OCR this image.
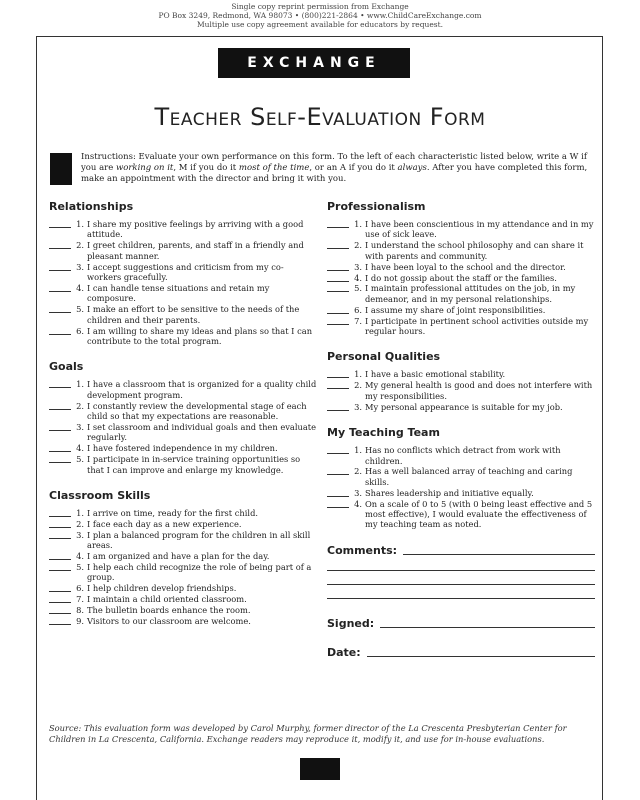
Single copy reprint permission from Exchange
PO Box 3249, Redmond, WA 98073 • (800)221-2864 • www.ChildCareExchange.com
Multiple use copy agreement available for educators by request.
EXCHANGE
Teacher Self-Evaluation Form
Instructions: Evaluate your own performance on this form. To the left of each characteristic listed below, write a W if you are working on it, M if you do it most of the time, or an A if you do it always. After you have completed this form, make an appointment with the director and bring it with you.
Relationships
1. I share my positive feelings by arriving with a good attitude.
2. I greet children, parents, and staff in a friendly and pleasant manner.
3. I accept suggestions and criticism from my co-workers gracefully.
4. I can handle tense situations and retain my composure.
5. I make an effort to be sensitive to the needs of the children and their parents.
6. I am willing to share my ideas and plans so that I can contribute to the total program.
Goals
1. I have a classroom that is organized for a quality child development program.
2. I constantly review the developmental stage of each child so that my expectations are reasonable.
3. I set classroom and individual goals and then evaluate regularly.
4. I have fostered independence in my children.
5. I participate in in-service training opportunities so that I can improve and enlarge my knowledge.
Classroom Skills
1. I arrive on time, ready for the first child.
2. I face each day as a new experience.
3. I plan a balanced program for the children in all skill areas.
4. I am organized and have a plan for the day.
5. I help each child recognize the role of being part of a group.
6. I help children develop friendships.
7. I maintain a child oriented classroom.
8. The bulletin boards enhance the room.
9. Visitors to our classroom are welcome.
Professionalism
1. I have been conscientious in my attendance and in my use of sick leave.
2. I understand the school philosophy and can share it with parents and community.
3. I have been loyal to the school and the director.
4. I do not gossip about the staff or the families.
5. I maintain professional attitudes on the job, in my demeanor, and in my personal relationships.
6. I assume my share of joint responsibilities.
7. I participate in pertinent school activities outside my regular hours.
Personal Qualities
1. I have a basic emotional stability.
2. My general health is good and does not interfere with my responsibilities.
3. My personal appearance is suitable for my job.
My Teaching Team
1. Has no conflicts which detract from work with children.
2. Has a well balanced array of teaching and caring skills.
3. Shares leadership and initiative equally.
4. On a scale of 0 to 5 (with 0 being least effective and 5 most effective), I would evaluate the effectiveness of my teaching team as noted.
Comments:
Signed:
Date:
Source: This evaluation form was developed by Carol Murphy, former director of the La Crescenta Presbyterian Center for Children in La Crescenta, California. Exchange readers may reproduce it, modify it, and use for in-house evaluations.
